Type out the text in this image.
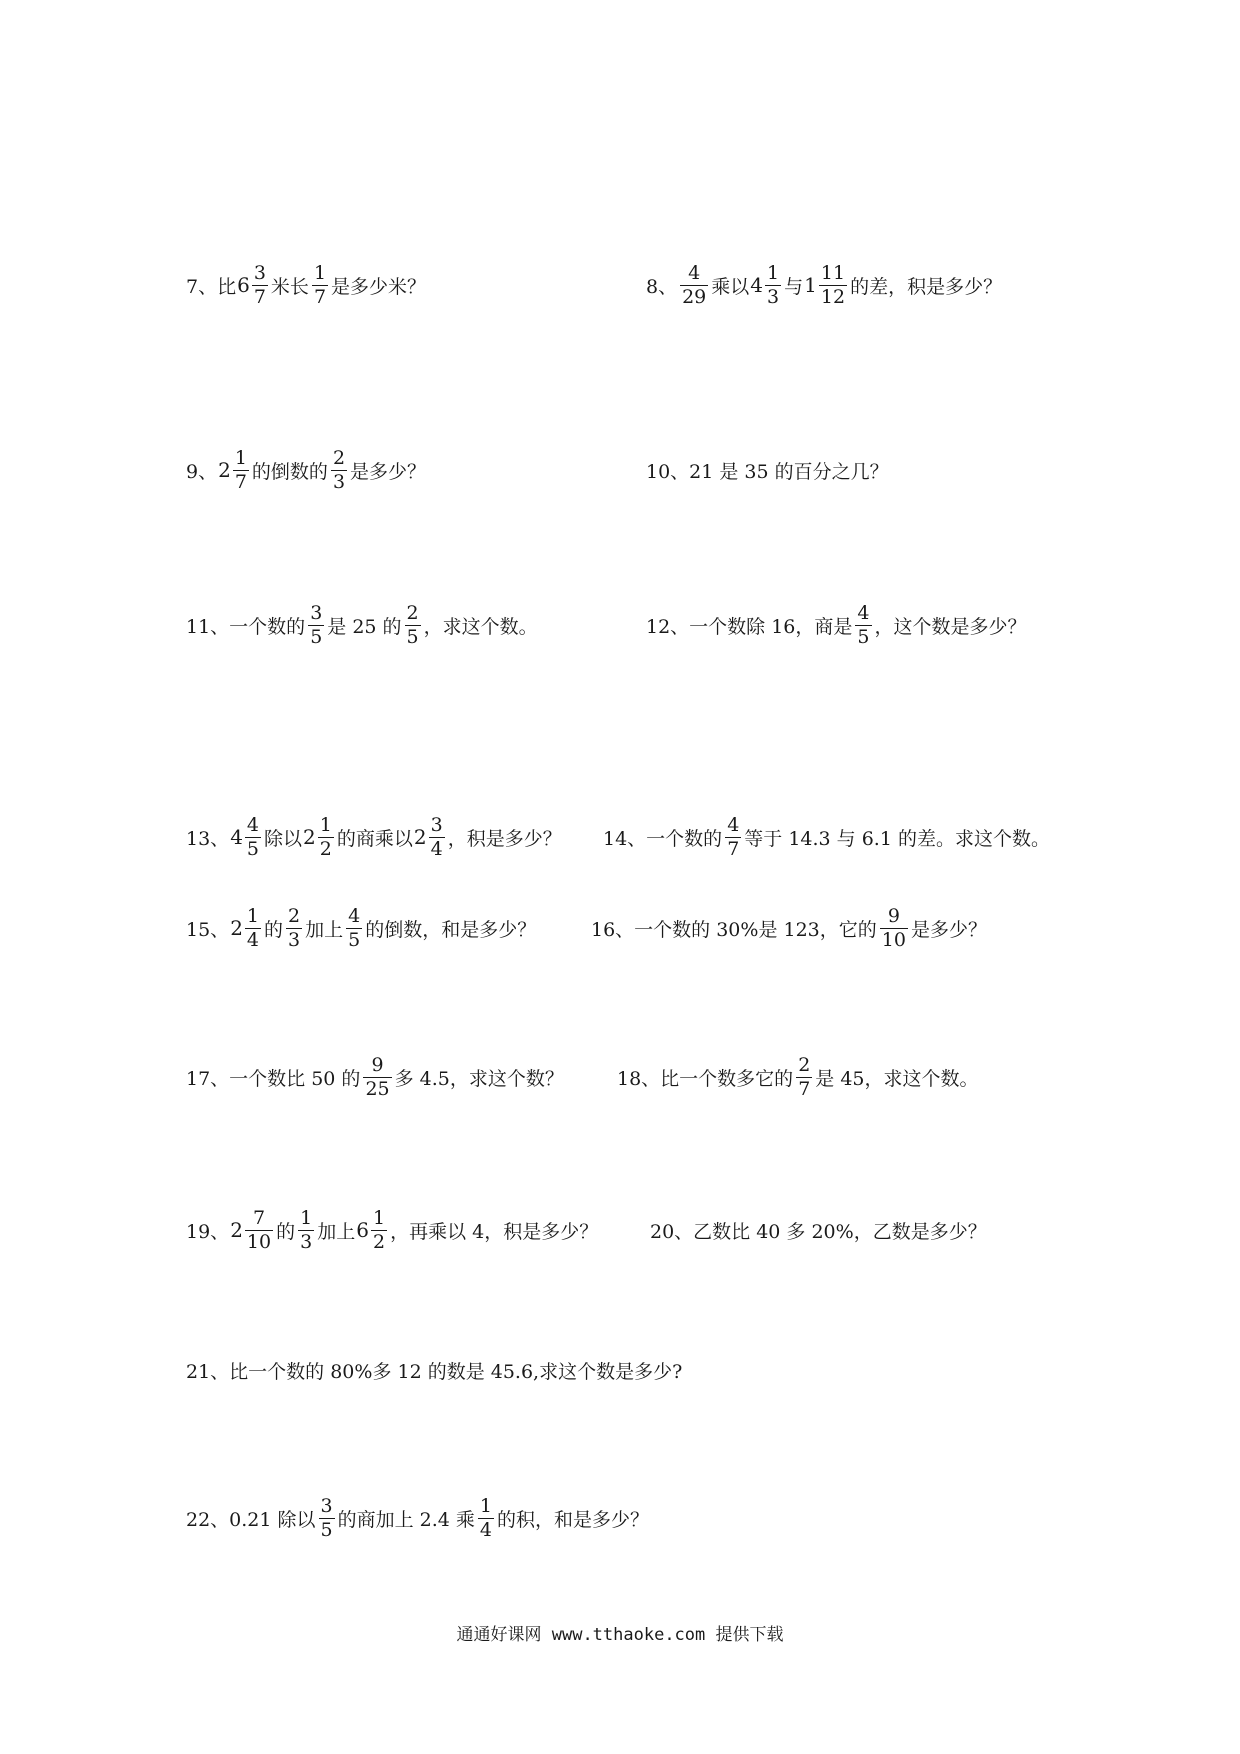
7、比 $6 \frac{3}{7}$ 米长 $\frac{1}{7}$ 是多少米？	8、 $\frac{4}{29}$ 乘以 $4 \frac{1}{3}$ 与 $1 \frac{11}{12}$ 的差，积是多少？
9、 $2 \frac{1}{7}$ 的倒数的 $\frac{2}{3}$ 是多少？	10、21 是 35 的百分之几？
11、一个数的 $\frac{3}{5}$ 是 25 的 $\frac{2}{5}$ ，求这个数。	12、一个数除 16，商是 $\frac{4}{5}$ ，这个数是多少？
13、 $4 \frac{4}{5}$ 除以 $2 \frac{1}{2}$ 的商乘以 $2 \frac{3}{4}$ ，积是多少？ 14、一个数的 $\frac{4}{7}$ 等于 14.3 与 6.1 的差。求这个数。
15、 $2 \frac{1}{4}$ 的 $\frac{2}{3}$ 加上 $\frac{4}{5}$ 的倒数，和是多少？	16、一个数的 30%是 123，它的 $\frac{9}{10}$ 是多少？
17、一个数比 50 的 $\frac{9}{25}$ 多 4.5，求这个数？	18、比一个数多它的 $\frac{2}{7}$ 是 45，求这个数。
19、 $2 \frac{7}{10}$ 的 $\frac{1}{3}$ 加上 $6 \frac{1}{2}$ ，再乘以 4，积是多少？	20、乙数比 40 多 20%，乙数是多少？
21、比一个数的 80%多 12 的数是 45.6,求这个数是多少?
22、0.21 除以 $\frac{3}{5}$ 的商加上 2.4 乘 $\frac{1}{4}$ 的积，和是多少？
通通好课网 www.tthaoke.com 提供下载
